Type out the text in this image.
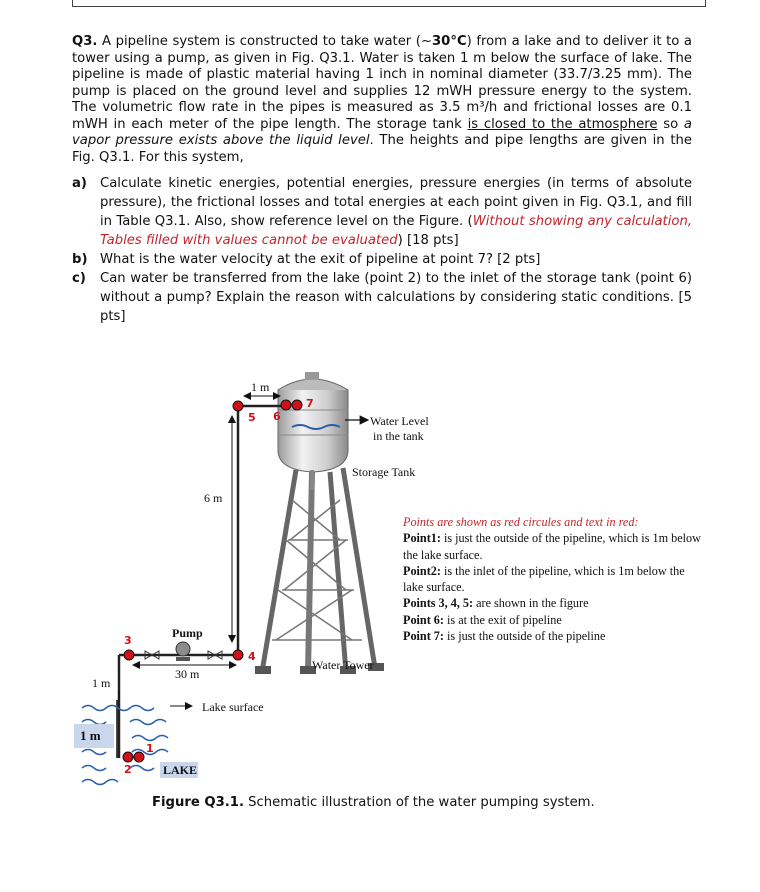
Q3. A pipeline system is constructed to take water (~30°C) from a lake and to deliver it to a tower using a pump, as given in Fig. Q3.1. Water is taken 1 m below the surface of lake. The pipeline is made of plastic material having 1 inch in nominal diameter (33.7/3.25 mm). The pump is placed on the ground level and supplies 12 mWH pressure energy to the system. The volumetric flow rate in the pipes is measured as 3.5 m³/h and frictional losses are 0.1 mWH in each meter of the pipe length. The storage tank is closed to the atmosphere so a vapor pressure exists above the liquid level. The heights and pipe lengths are given in the Fig. Q3.1. For this system,
a) Calculate kinetic energies, potential energies, pressure energies (in terms of absolute pressure), the frictional losses and total energies at each point given in Fig. Q3.1, and fill in Table Q3.1. Also, show reference level on the Figure. (Without showing any calculation, Tables filled with values cannot be evaluated) [18 pts]
b) What is the water velocity at the exit of pipeline at point 7? [2 pts]
c)	Can water be transferred from the lake (point 2) to the inlet of the storage tank (point 6) without a pump? Explain the reason with calculations by considering static conditions. [5 pts]
1
2
3
4
5 6
7
1 m
6 m
30 m
1 m
1 m
Pump
Water Level
in the tank
Storage Tank
Water Tower
Lake surface
LAKE
Points are shown as red circules and text in red:
Point1: is just the outside of the pipeline, which is 1m below the lake surface.
Point2: is the inlet of the pipeline, which is 1m below the lake surface.
Points 3, 4, 5: are shown in the figure
Point 6: is at the exit of pipeline
Point 7: is just the outside of the pipeline
Figure Q3.1. Schematic illustration of the water pumping system.
